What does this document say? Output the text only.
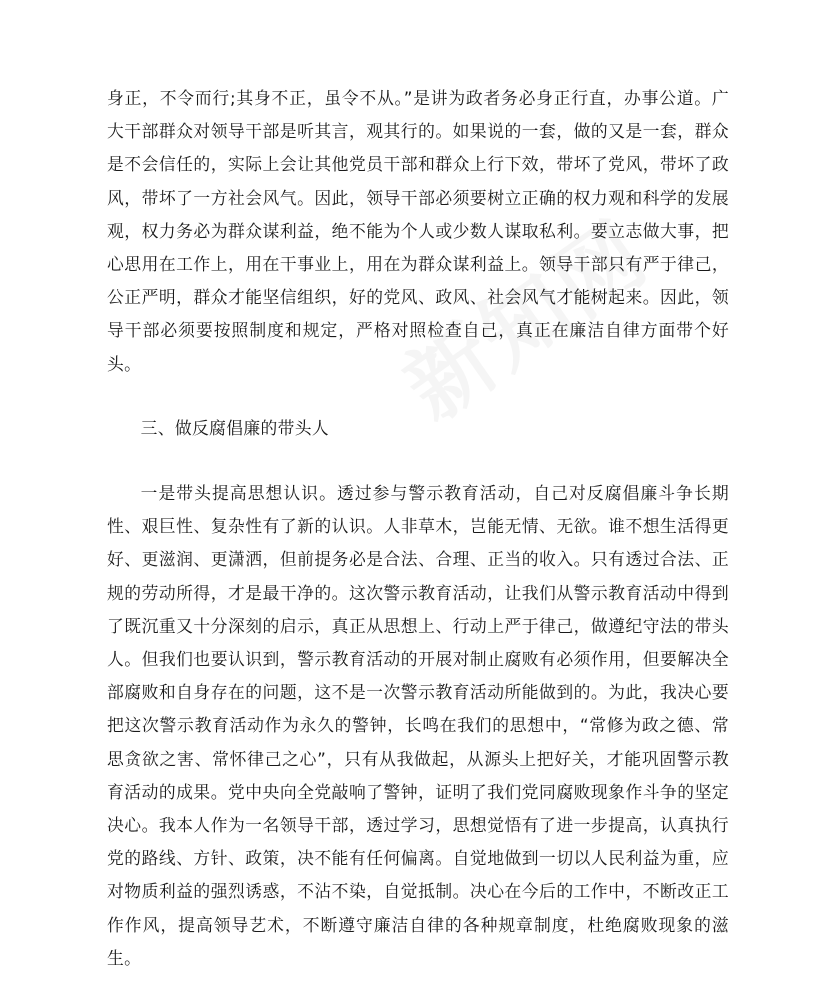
身正，不令而行;其身不正，虽令不从。”是讲为政者务必身正行直，办事公道。广大干部群众对领导干部是听其言，观其行的。如果说的一套，做的又是一套，群众是不会信任的，实际上会让其他党员干部和群众上行下效，带坏了党风，带坏了政风，带坏了一方社会风气。因此，领导干部必须要树立正确的权力观和科学的发展观，权力务必为群众谋利益，绝不能为个人或少数人谋取私利。要立志做大事，把心思用在工作上，用在干事业上，用在为群众谋利益上。领导干部只有严于律己，公正严明，群众才能坚信组织，好的党风、政风、社会风气才能树起来。因此，领导干部必须要按照制度和规定，严格对照检查自己，真正在廉洁自律方面带个好头。

三、做反腐倡廉的带头人

一是带头提高思想认识。透过参与警示教育活动，自己对反腐倡廉斗争长期性、艰巨性、复杂性有了新的认识。人非草木，岂能无情、无欲。谁不想生活得更好、更滋润、更潇洒，但前提务必是合法、合理、正当的收入。只有透过合法、正规的劳动所得，才是最干净的。这次警示教育活动，让我们从警示教育活动中得到了既沉重又十分深刻的启示，真正从思想上、行动上严于律己，做遵纪守法的带头人。但我们也要认识到，警示教育活动的开展对制止腐败有必须作用，但要解决全部腐败和自身存在的问题，这不是一次警示教育活动所能做到的。为此，我决心要把这次警示教育活动作为永久的警钟，长鸣在我们的思想中，“常修为政之德、常思贪欲之害、常怀律己之心”，只有从我做起，从源头上把好关，才能巩固警示教育活动的成果。党中央向全党敲响了警钟，证明了我们党同腐败现象作斗争的坚定决心。我本人作为一名领导干部，透过学习，思想觉悟有了进一步提高，认真执行党的路线、方针、政策，决不能有任何偏离。自觉地做到一切以人民利益为重，应对物质利益的强烈诱惑，不沾不染，自觉抵制。决心在今后的工作中，不断改正工作作风，提高领导艺术，不断遵守廉洁自律的各种规章制度，杜绝腐败现象的滋生。
